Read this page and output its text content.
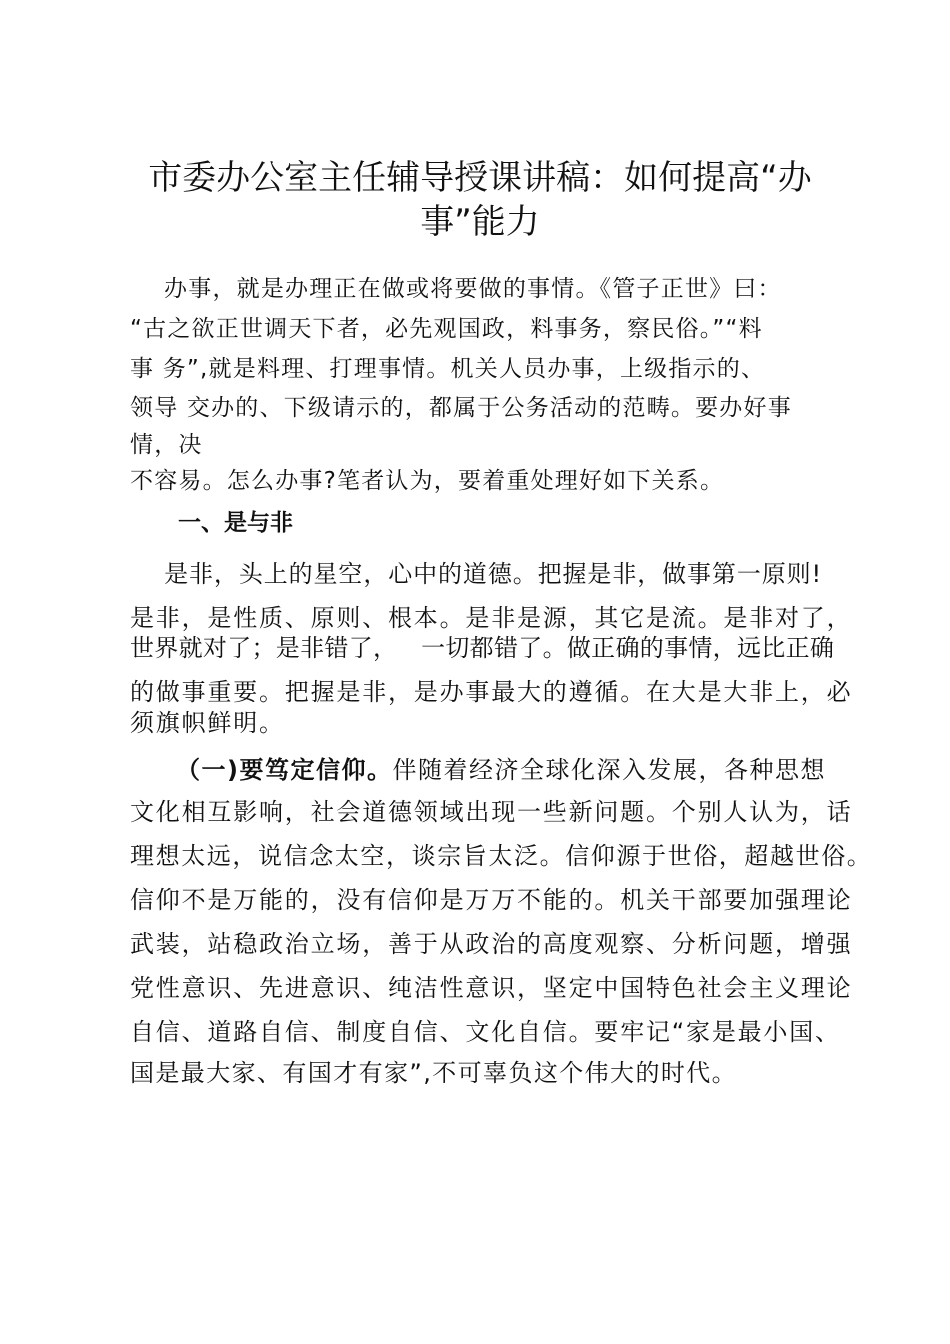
市委办公室主任辅导授课讲稿：如何提高“办
事”能力

办事，就是办理正在做或将要做的事情。《管子正世》曰：

“古之欲正世调天下者，必先观国政，料事务，察民俗。”“料

事 务”,就是料理、打理事情。机关人员办事，上级指示的、

领导 交办的、下级请示的，都属于公务活动的范畴。要办好事

情，决

不容易。怎么办事?笔者认为，要着重处理好如下关系。

一、是与非

是非，头上的星空，心中的道德。把握是非，做事第一原则!

是非，是性质、原则、根本。是非是源，其它是流。是非对了，

世界就对了；是非错了，   一切都错了。做正确的事情，远比正确

的做事重要。把握是非，是办事最大的遵循。在大是大非上，必

须旗帜鲜明。

（一)要笃定信仰。伴随着经济全球化深入发展，各种思想

文化相互影响，社会道德领域出现一些新问题。个别人认为，话

理想太远，说信念太空，谈宗旨太泛。信仰源于世俗，超越世俗。

信仰不是万能的，没有信仰是万万不能的。机关干部要加强理论

武装，站稳政治立场，善于从政治的高度观察、分析问题，增强

党性意识、先进意识、纯洁性意识，坚定中国特色社会主义理论

自信、道路自信、制度自信、文化自信。要牢记“家是最小国、

国是最大家、有国才有家”,不可辜负这个伟大的时代。
